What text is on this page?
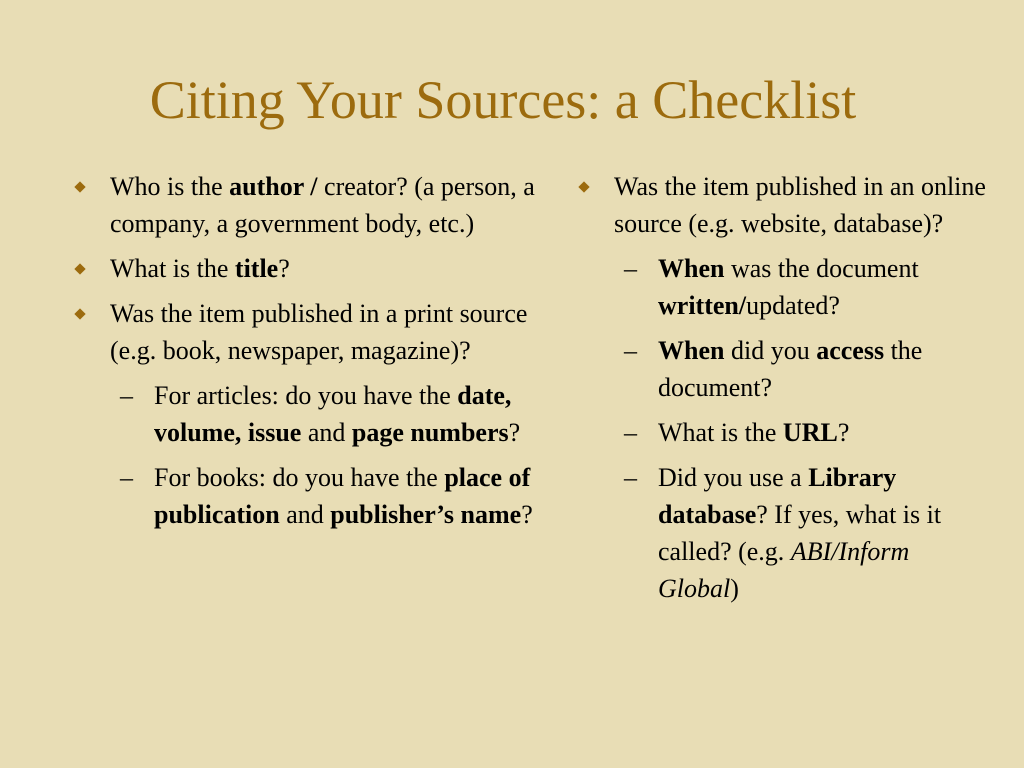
Citing Your Sources: a Checklist
Who is the author / creator? (a person, a company, a government body, etc.)
What is the title?
Was the item published in a print source (e.g. book, newspaper, magazine)?
– For articles: do you have the date, volume, issue and page numbers?
– For books: do you have the place of publication and publisher’s name?
Was the item published in an online source (e.g. website, database)?
– When was the document written/updated?
– When did you access the document?
– What is the URL?
– Did you use a Library database? If yes, what is it called? (e.g. ABI/Inform Global)
